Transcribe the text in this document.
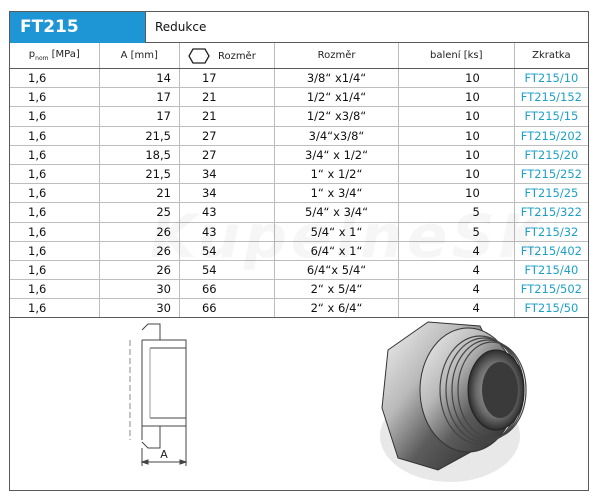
FT215	Redukce
$p_{nom}$ [MPa]	A [mm]	Rozměr	Rozměr	balení [ks]	Zkratka
1,6	14	17	3/8“ x1/4“	10	FT215/10
1,6	17	21	1/2“ x1/4“	10	FT215/152
1,6	17	21	1/2“ x3/8“	10	FT215/15
1,6	21,5	27	3/4“x3/8“	10	FT215/202
1,6	18,5	27	3/4“ x 1/2“	10	FT215/20
1,6	21,5	34	1“ x 1/2“	10	FT215/252
1,6	21	34	1“ x 3/4“	10	FT215/25
1,6	25	43	5/4“ x 3/4“	5	FT215/322
1,6	26	43	5/4“ x 1“	5	FT215/32
1,6	26	54	6/4“ x 1“	4	FT215/402
1,6	26	54	6/4“x 5/4“	4	FT215/40
1,6	30	66	2“ x 5/4“	4	FT215/502
1,6	30	66	2“ x 6/4“	4	FT215/50
A
